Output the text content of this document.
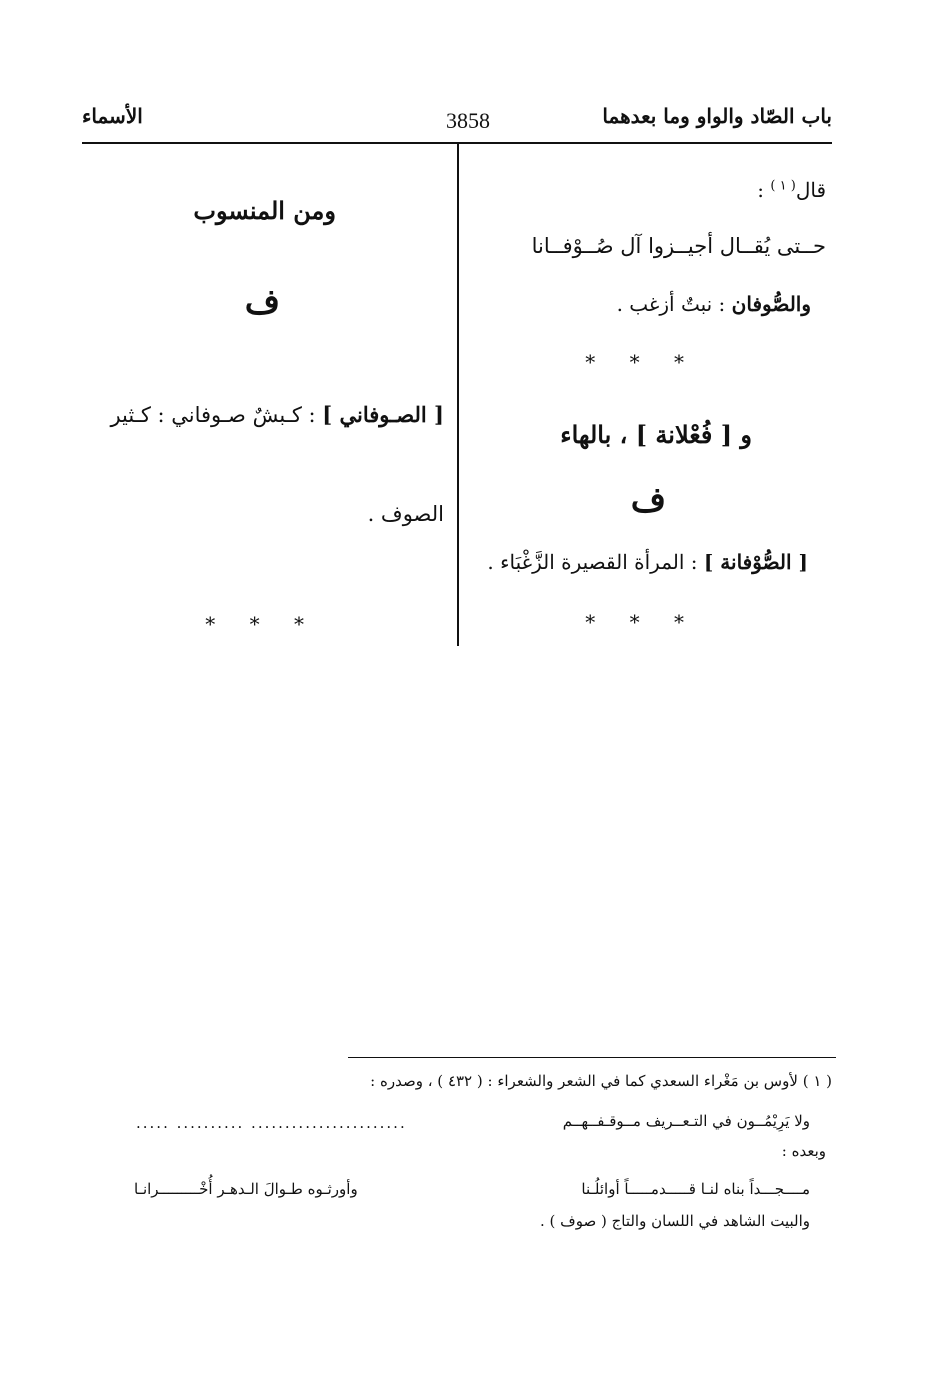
باب الصّاد والواو وما بعدهما
3858
الأسماء
قال$^{( ١ )}$ :
حــتى يُقــال أجيــزوا آل صُــوْفــانا
والصُّوفان : نبتٌ أزغب .
* * *
و [ فُعْلانة ] ، بالهاء
ف
[ الصُّوْفانة ] : المرأة القصيرة الزَّغْبَاء .
* * *
ومن المنسوب
ف
[ الصـوفاني ] : كـبشٌ صـوفاني : كـثير
الصوف .
* * *
( ١ ) لأوس بن مَغْراء السعدي كما في الشعر والشعراء : ( ٤٣٢ ) ، وصدره :
ولا يَرِيْمُــون في التـعــريف مــوقـفــهــم
..... .......... .......................
وبعده :
مــــجـــداً بناه لنـا قـــــدمـــــاً أوائلُـنا
وأورثـوه طـوالَ الـدهـر أُخْـــــــــرانـا
والبيت الشاهد في اللسان والتاج ( صوف ) .
